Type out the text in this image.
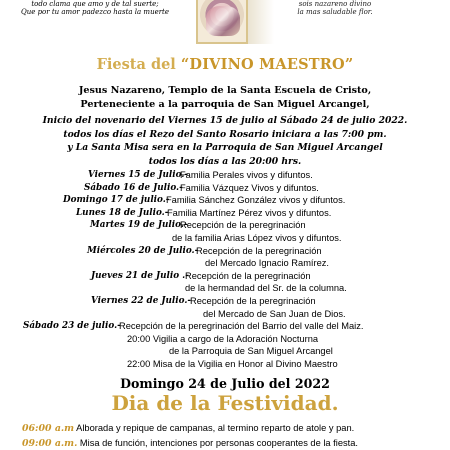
todo clama que amo y de tal suerte;
Que por tu amor padezco hasta la muerte
sois nazareno divino
la mas saludable flor.
Fiesta del “DIVINO MAESTRO”
Jesus Nazareno, Templo de la Santa Escuela de Cristo,
Perteneciente a la parroquia de San Miguel Arcangel,
Inicio del novenario del Viernes 15 de julio al Sábado 24 de julio 2022.
todos los días el Rezo del Santo Rosario iniciara a las 7:00 pm.
y La Santa Misa sera en la Parroquia de San Miguel Arcangel
todos los días a las 20:00 hrs.
Viernes 15 de Julio.-
Familia Perales vivos y difuntos.
Sábado 16 de Julio.-
Familia Vázquez Vivos y difuntos.
Domingo 17 de julio.-
Familia Sánchez González vivos y difuntos.
Lunes 18 de Julio.-
Familia Martínez Pérez vivos y difuntos.
Martes 19 de Julio.-
Recepción de la peregrinación
de la familia Arias López vivos y difuntos.
Miércoles 20 de Julio.-
Recepción de la peregrinación
del Mercado Ignacio Ramírez.
Jueves 21 de Julio .-
Recepción de la peregrinación
de la hermandad del Sr. de la columna.
Viernes 22 de Julio.-
Recepción de la peregrinación
del Mercado de San Juan de Dios.
Sábado 23 de julio.-
Recepción de la peregrinación del Barrio del valle del Maiz.
20:00 Vigilia a cargo de la Adoración Nocturna
de la Parroquia de San Miguel Arcangel
22:00 Misa de la Vigilia en Honor al Divino Maestro
Domingo 24 de Julio del 2022
Dia de la Festividad.
06:00 a.m Alborada y repique de campanas, al termino reparto de atole y pan.
09:00 a.m. Misa de función, intenciones por personas cooperantes de la fiesta.
